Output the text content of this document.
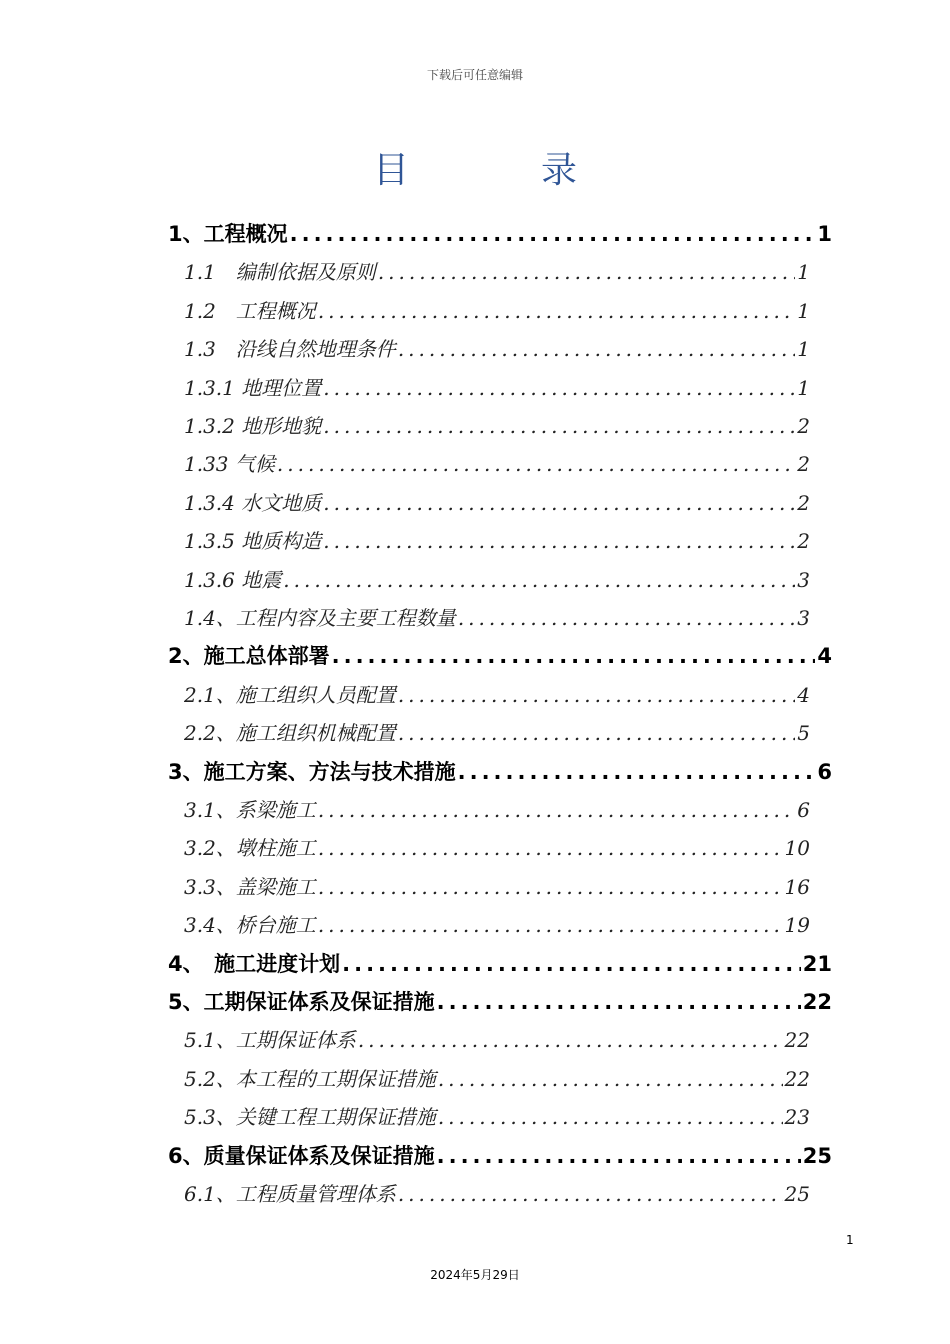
下载后可任意编辑
目　录
1、工程概况 .....	1
1.1　编制依据及原则 .....	1
1.2　工程概况 .....	1
1.3　沿线自然地理条件 .....	1
1.3.1 地理位置 .....	1
1.3.2 地形地貌 .....	2
1.33 气候 .....	2
1.3.4 水文地质 .....	2
1.3.5 地质构造 .....	2
1.3.6 地震 .....	3
1.4、工程内容及主要工程数量 .....	3
2、施工总体部署 .....	4
2.1、施工组织人员配置 .....	4
2.2、施工组织机械配置 .....	5
3、施工方案、方法与技术措施 .....	6
3.1、系梁施工 .....	6
3.2、墩柱施工 .....	10
3.3、盖梁施工 .....	16
3.4、桥台施工 .....	19
4、　施工进度计划 .....	21
5、工期保证体系及保证措施 .....	22
5.1、工期保证体系 .....	22
5.2、本工程的工期保证措施 .....	22
5.3、关键工程工期保证措施 .....	23
6、质量保证体系及保证措施 .....	25
6.1、工程质量管理体系 .....	25
1
2024年5月29日
